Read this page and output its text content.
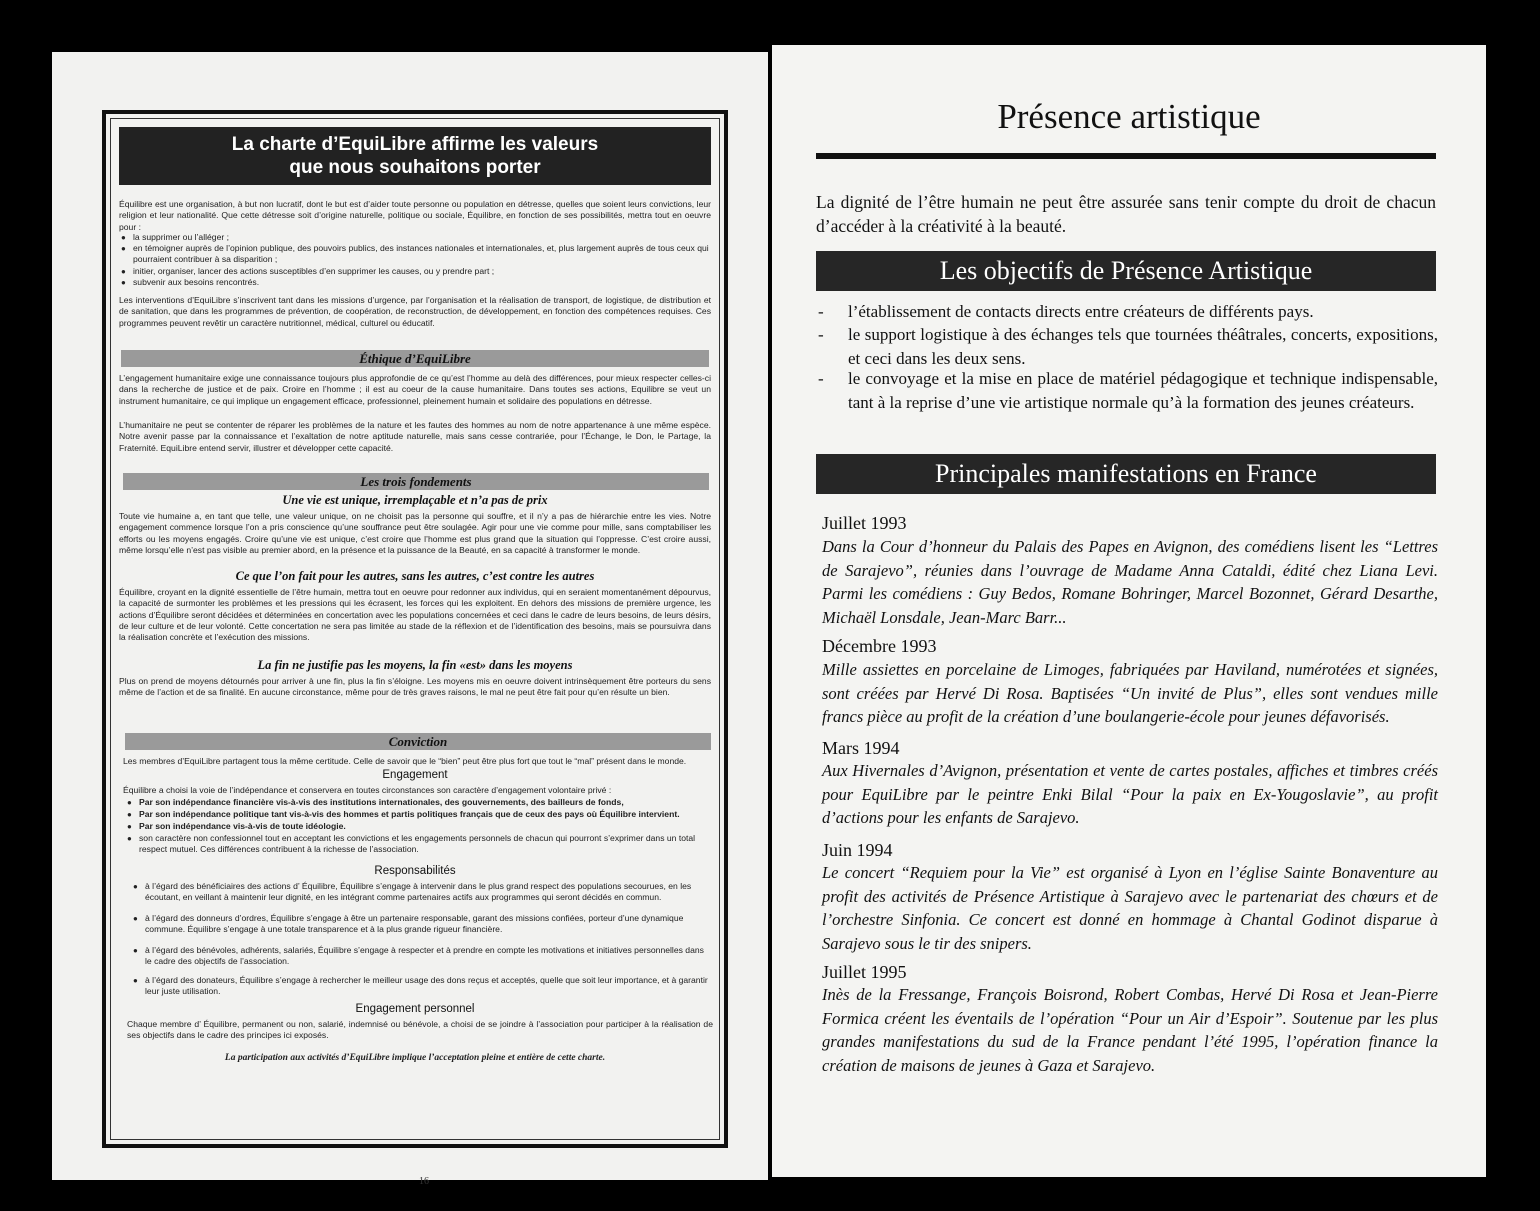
La charte d’EquiLibre affirme les valeurs
que nous souhaitons porter
Équilibre est une organisation, à but non lucratif, dont le but est d’aider toute personne ou population en détresse, quelles que soient leurs convictions, leur religion et leur nationalité. Que cette détresse soit d’origine naturelle, politique ou sociale, Équilibre, en fonction de ses possibilités, mettra tout en oeuvre pour :
● la supprimer ou l’alléger ;
● en témoigner auprès de l’opinion publique, des pouvoirs publics, des instances nationales et internationales, et, plus largement auprès de tous ceux qui pourraient contribuer à sa disparition ;
● initier, organiser, lancer des actions susceptibles d’en supprimer les causes, ou y prendre part ;
● subvenir aux besoins rencontrés.
Les interventions d’EquiLibre s’inscrivent tant dans les missions d’urgence, par l’organisation et la réalisation de transport, de logistique, de distribution et de sanitation, que dans les programmes de prévention, de coopération, de reconstruction, de développement, en fonction des compétences requises. Ces programmes peuvent revêtir un caractère nutritionnel, médical, culturel ou éducatif.
Éthique d’EquiLibre
L’engagement humanitaire exige une connaissance toujours plus approfondie de ce qu’est l’homme au delà des différences, pour mieux respecter celles-ci dans la recherche de justice et de paix. Croire en l’homme ; il est au coeur de la cause humanitaire. Dans toutes ses actions, Equilibre se veut un instrument humanitaire, ce qui implique un engagement efficace, professionnel, pleinement humain et solidaire des populations en détresse.
L’humanitaire ne peut se contenter de réparer les problèmes de la nature et les fautes des hommes au nom de notre appartenance à une même espèce. Notre avenir passe par la connaissance et l’exaltation de notre aptitude naturelle, mais sans cesse contrariée, pour l’Échange, le Don, le Partage, la Fraternité. EquiLibre entend servir, illustrer et développer cette capacité.
Les trois fondements
Une vie est unique, irremplaçable et n’a pas de prix
Toute vie humaine a, en tant que telle, une valeur unique, on ne choisit pas la personne qui souffre, et il n’y a pas de hiérarchie entre les vies. Notre engagement commence lorsque l’on a pris conscience qu’une souffrance peut être soulagée. Agir pour une vie comme pour mille, sans comptabiliser les efforts ou les moyens engagés. Croire qu’une vie est unique, c’est croire que l’homme est plus grand que la situation qui l’oppresse. C’est croire aussi, même lorsqu’elle n’est pas visible au premier abord, en la présence et la puissance de la Beauté, en sa capacité à transformer le monde.
Ce que l’on fait pour les autres, sans les autres, c’est contre les autres
Équilibre, croyant en la dignité essentielle de l’être humain, mettra tout en oeuvre pour redonner aux individus, qui en seraient momentanément dépourvus, la capacité de surmonter les problèmes et les pressions qui les écrasent, les forces qui les exploitent. En dehors des missions de première urgence, les actions d’Équilibre seront décidées et déterminées en concertation avec les populations concernées et ceci dans le cadre de leurs besoins, de leurs désirs, de leur culture et de leur volonté. Cette concertation ne sera pas limitée au stade de la réflexion et de l’identification des besoins, mais se poursuivra dans la réalisation concrète et l’exécution des missions.
La fin ne justifie pas les moyens, la fin «est» dans les moyens
Plus on prend de moyens détournés pour arriver à une fin, plus la fin s’éloigne. Les moyens mis en oeuvre doivent intrinsèquement être porteurs du sens même de l’action et de sa finalité. En aucune circonstance, même pour de très graves raisons, le mal ne peut être fait pour qu’en résulte un bien.
Conviction
Les membres d’EquiLibre partagent tous la même certitude. Celle de savoir que le “bien” peut être plus fort que tout le “mal” présent dans le monde.
Engagement
Équilibre a choisi la voie de l’indépendance et conservera en toutes circonstances son caractère d’engagement volontaire privé :
● Par son indépendance financière vis-à-vis des institutions internationales, des gouvernements, des bailleurs de fonds,
● Par son indépendance politique tant vis-à-vis des hommes et partis politiques français que de ceux des pays où Équilibre intervient.
● Par son indépendance vis-à-vis de toute idéologie.
● son caractère non confessionnel tout en acceptant les convictions et les engagements personnels de chacun qui pourront s’exprimer dans un total respect mutuel. Ces différences contribuent à la richesse de l’association.
Responsabilités
● à l’égard des bénéficiaires des actions d’ Équilibre, Équilibre s’engage à intervenir dans le plus grand respect des populations secourues, en les écoutant, en veillant à maintenir leur dignité, en les intégrant comme partenaires actifs aux programmes qui seront décidés en commun.
● à l’égard des donneurs d’ordres, Équilibre s’engage à être un partenaire responsable, garant des missions confiées, porteur d’une dynamique commune. Équilibre s’engage à une totale transparence et à la plus grande rigueur financière.
● à l’égard des bénévoles, adhérents, salariés, Équilibre s’engage à respecter et à prendre en compte les motivations et initiatives personnelles dans le cadre des objectifs de l’association.
● à l’égard des donateurs, Équilibre s’engage à rechercher le meilleur usage des dons reçus et acceptés, quelle que soit leur importance, et à garantir leur juste utilisation.
Engagement personnel
Chaque membre d’ Équilibre, permanent ou non, salarié, indemnisé ou bénévole, a choisi de se joindre à l’association pour participer à la réalisation de ses objectifs dans le cadre des principes ici exposés.
La participation aux activités d’EquiLibre implique l’acceptation pleine et entière de cette charte.
16
Présence artistique
La dignité de l’être humain ne peut être assurée sans tenir compte du droit de chacun d’accéder à la créativité à la beauté.
Les objectifs de Présence Artistique
- l’établissement de contacts directs entre créateurs de différents pays.
- le support logistique à des échanges tels que tournées théâtrales, concerts, expositions, et ceci dans les deux sens.
- le convoyage et la mise en place de matériel pédagogique et technique indispensable, tant à la reprise d’une vie artistique normale qu’à la formation des jeunes créateurs.
Principales manifestations en France
Juillet 1993
Dans la Cour d’honneur du Palais des Papes en Avignon, des comédiens lisent les “Lettres de Sarajevo”, réunies dans l’ouvrage de Madame Anna Cataldi, édité chez Liana Levi. Parmi les comédiens : Guy Bedos, Romane Bohringer, Marcel Bozonnet, Gérard Desarthe, Michaël Lonsdale, Jean-Marc Barr...
Décembre 1993
Mille assiettes en porcelaine de Limoges, fabriquées par Haviland, numérotées et signées, sont créées par Hervé Di Rosa. Baptisées “Un invité de Plus”, elles sont vendues mille francs pièce au profit de la création d’une boulangerie-école pour jeunes défavorisés.
Mars 1994
Aux Hivernales d’Avignon, présentation et vente de cartes postales, affiches et timbres créés pour EquiLibre par le peintre Enki Bilal “Pour la paix en Ex-Yougoslavie”, au profit d’actions pour les enfants de Sarajevo.
Juin 1994
Le concert “Requiem pour la Vie” est organisé à Lyon en l’église Sainte Bonaventure au profit des activités de Présence Artistique à Sarajevo avec le partenariat des chœurs et de l’orchestre Sinfonia. Ce concert est donné en hommage à Chantal Godinot disparue à Sarajevo sous le tir des snipers.
Juillet 1995
Inès de la Fressange, François Boisrond, Robert Combas, Hervé Di Rosa et Jean-Pierre Formica créent les éventails de l’opération “Pour un Air d’Espoir”. Soutenue par les plus grandes manifestations du sud de la France pendant l’été 1995, l’opération finance la création de maisons de jeunes à Gaza et Sarajevo.
